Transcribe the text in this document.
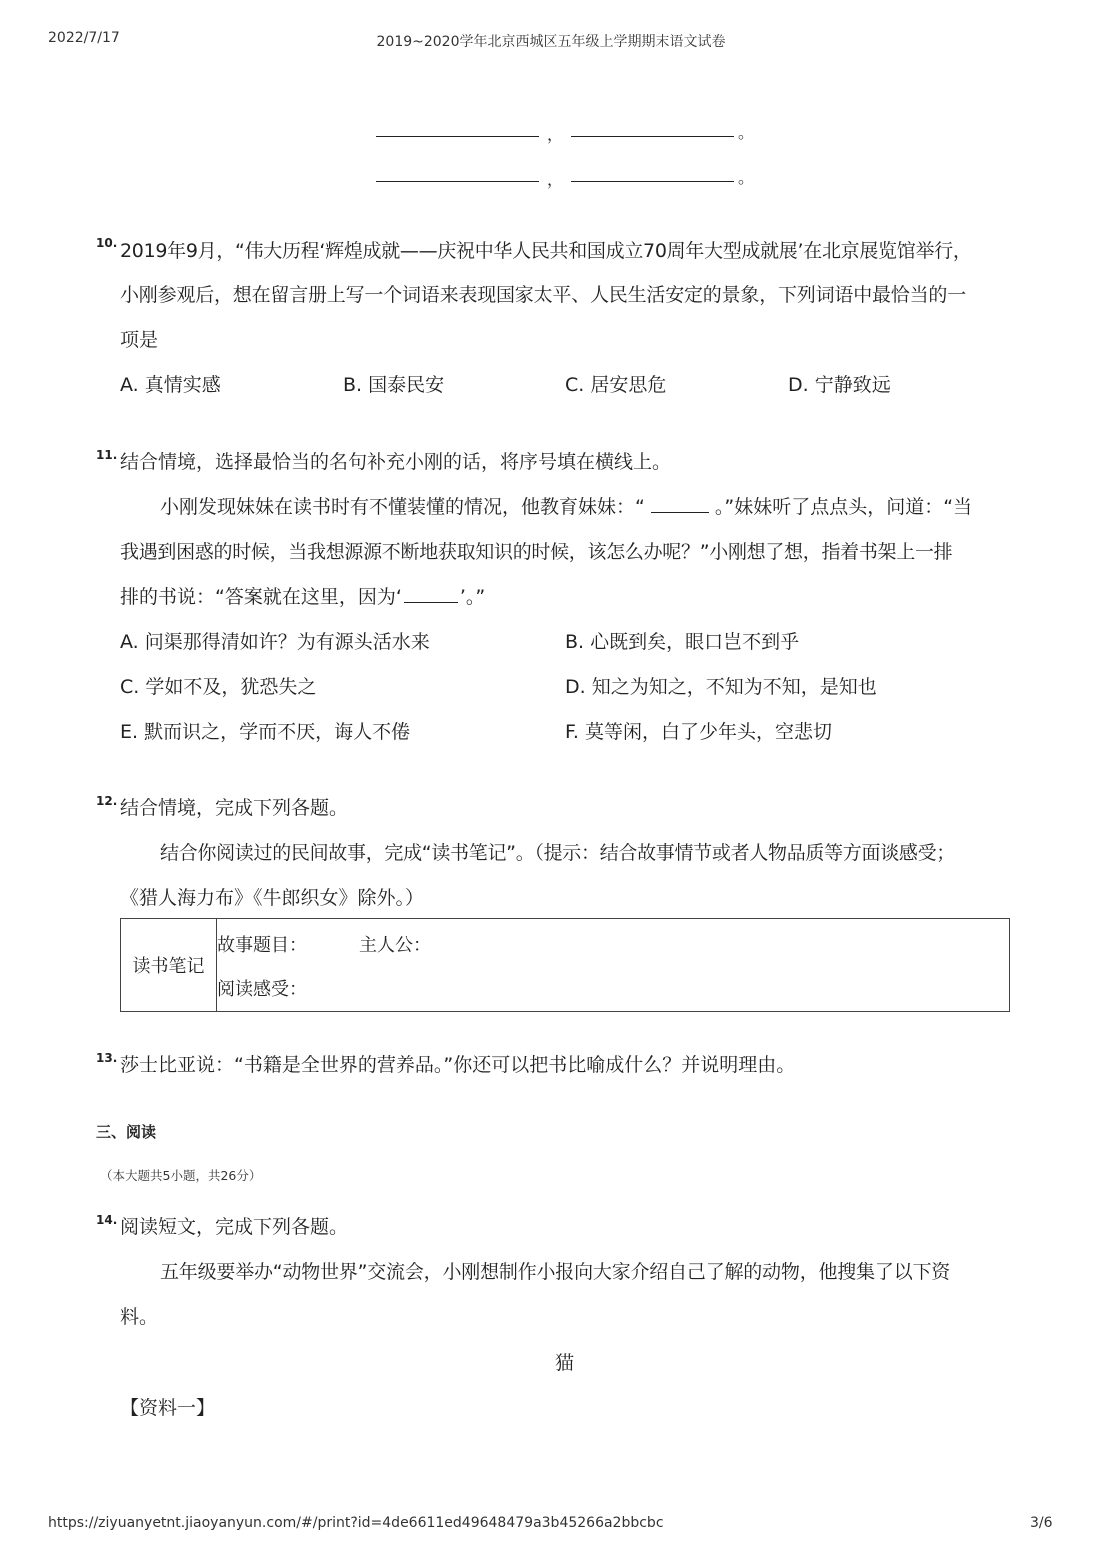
2022/7/17	2019~2020学年北京西城区五年级上学期期末语文试卷
，	。
，	。
10. 2019年9月，“伟大历程‘辉煌成就——庆祝中华人民共和国成立70周年大型成就展’在北京展览馆举行，
小刚参观后，想在留言册上写一个词语来表现国家太平、人民生活安定的景象，下列词语中最恰当的一
项是
A. 真情实感	B. 国泰民安	C. 居安思危	D. 宁静致远
11. 结合情境，选择最恰当的名句补充小刚的话，将序号填在横线上。
小刚发现妹妹在读书时有不懂装懂的情况，他教育妹妹：“	。”妹妹听了点点头，问道：“当
我遇到困惑的时候，当我想源源不断地获取知识的时候，该怎么办呢？”小刚想了想，指着书架上一排
排的书说：“答案就在这里，因为‘	’。”
A. 问渠那得清如许？为有源头活水来	B. 心既到矣，眼口岂不到乎
C. 学如不及，犹恐失之	D. 知之为知之，不知为不知，是知也
E. 默而识之，学而不厌，诲人不倦	F. 莫等闲，白了少年头，空悲切
12. 结合情境，完成下列各题。
结合你阅读过的民间故事，完成“读书笔记”。（提示：结合故事情节或者人物品质等方面谈感受；
《猎人海力布》《牛郎织女》除外。）
读书笔记	
故事题目：	主人公：
阅读感受：
13. 莎士比亚说：“书籍是全世界的营养品。”你还可以把书比喻成什么？并说明理由。
三、阅读
（本大题共5小题，共26分）
14. 阅读短文，完成下列各题。
五年级要举办“动物世界”交流会，小刚想制作小报向大家介绍自己了解的动物，他搜集了以下资
料。
猫
【资料一】
https://ziyuanyetnt.jiaoyanyun.com/#/print?id=4de6611ed49648479a3b45266a2bbcbc	3/6
